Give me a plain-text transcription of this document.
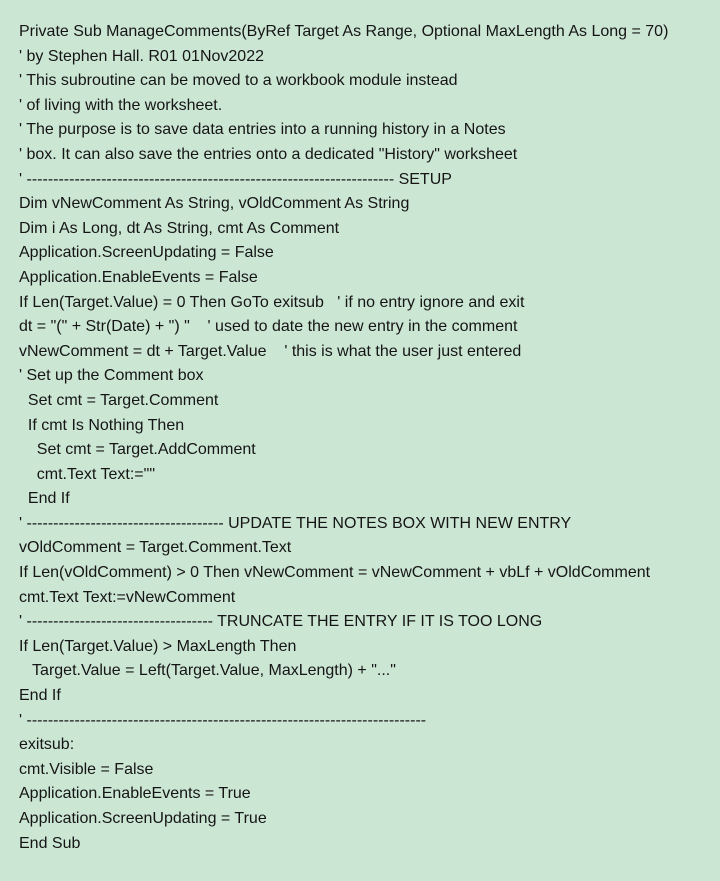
Private Sub ManageComments(ByRef Target As Range, Optional MaxLength As Long = 70)
' by Stephen Hall. R01 01Nov2022
' This subroutine can be moved to a workbook module instead
' of living with the worksheet.
' The purpose is to save data entries into a running history in a Notes
' box. It can also save the entries onto a dedicated "History" worksheet
' --------------------------------------------------------------------- SETUP
Dim vNewComment As String, vOldComment As String
Dim i As Long, dt As String, cmt As Comment
Application.ScreenUpdating = False
Application.EnableEvents = False
If Len(Target.Value) = 0 Then GoTo exitsub   ' if no entry ignore and exit
dt = "(" + Str(Date) + ") "    ' used to date the new entry in the comment
vNewComment = dt + Target.Value    ' this is what the user just entered
' Set up the Comment box
Set cmt = Target.Comment
If cmt Is Nothing Then
Set cmt = Target.AddComment
cmt.Text Text:=""
End If
' ------------------------------------- UPDATE THE NOTES BOX WITH NEW ENTRY
vOldComment = Target.Comment.Text
If Len(vOldComment) > 0 Then vNewComment = vNewComment + vbLf + vOldComment
cmt.Text Text:=vNewComment
' ----------------------------------- TRUNCATE THE ENTRY IF IT IS TOO LONG
If Len(Target.Value) > MaxLength Then
Target.Value = Left(Target.Value, MaxLength) + "..."
End If
' ---------------------------------------------------------------------------
exitsub:
cmt.Visible = False
Application.EnableEvents = True
Application.ScreenUpdating = True
End Sub
